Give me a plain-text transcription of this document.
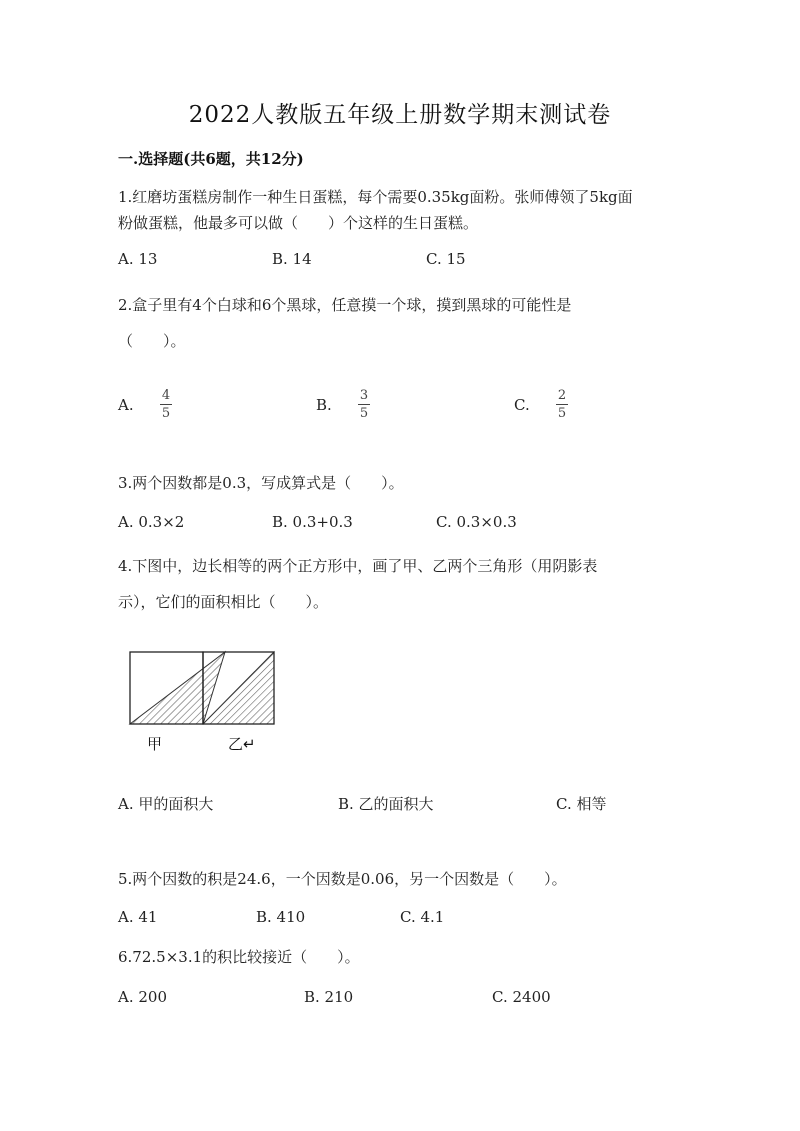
2022人教版五年级上册数学期末测试卷
一.选择题(共6题，共12分)
1.红磨坊蛋糕房制作一种生日蛋糕，每个需要0.35kg面粉。张师傅领了5kg面
粉做蛋糕，他最多可以做（　　）个这样的生日蛋糕。
A. 13	B. 14	C. 15
2.盒子里有4个白球和6个黑球，任意摸一个球，摸到黑球的可能性是
（　　）。
A.
4
5	B.
3
5	C.
2
5
3.两个因数都是0.3，写成算式是（　　）。
A. 0.3×2	B. 0.3+0.3	C. 0.3×0.3
4.下图中，边长相等的两个正方形中，画了甲、乙两个三角形（用阴影表
示），它们的面积相比（　　）。
甲	乙↵
A. 甲的面积大	B. 乙的面积大	C. 相等
5.两个因数的积是24.6，一个因数是0.06，另一个因数是（　　）。
A. 41	B. 410	C. 4.1
6.72.5×3.1的积比较接近（　　）。
A. 200	B. 210	C. 2400
